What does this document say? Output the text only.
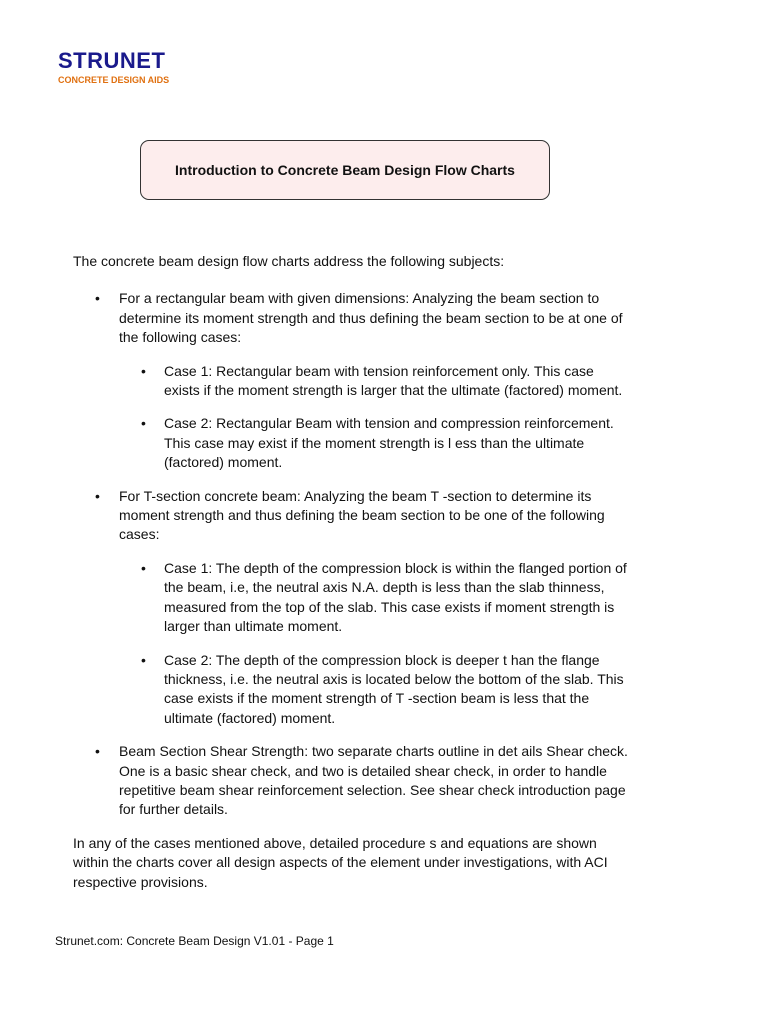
STRUNET
CONCRETE DESIGN AIDS
Introduction to Concrete Beam Design Flow Charts

The concrete beam design flow charts address the following subjects:

• For a rectangular beam with given dimensions: Analyzing the beam section to determine its moment strength and thus defining the beam section to be at one of the following cases:
• Case 1: Rectangular beam with tension reinforcement only. This case exists if the moment strength is larger that the ultimate (factored) moment.
• Case 2: Rectangular Beam with tension and compression reinforcement. This case may exist if the moment strength is l ess than the ultimate (factored) moment.
• For T-section concrete beam: Analyzing the beam T -section to determine its moment strength and thus defining the beam section to be one of the following cases:
• Case 1: The depth of the compression block is within the flanged portion of the beam, i.e, the neutral axis N.A. depth is less than the slab thinness, measured from the top of the slab. This case exists if moment strength is larger than ultimate moment.
• Case 2: The depth of the compression block is deeper t han the flange thickness, i.e. the neutral axis is located below the bottom of the slab. This case exists if the moment strength of T -section beam is less that the ultimate (factored) moment.
• Beam Section Shear Strength: two separate charts outline in det ails Shear check. One is a basic shear check, and two is detailed shear check, in order to handle repetitive beam shear reinforcement selection. See shear check introduction page for further details.

In any of the cases mentioned above, detailed procedure s and equations are shown within the charts cover all design aspects of the element under investigations, with ACI respective provisions.

Strunet.com: Concrete Beam Design V1.01 - Page 1
